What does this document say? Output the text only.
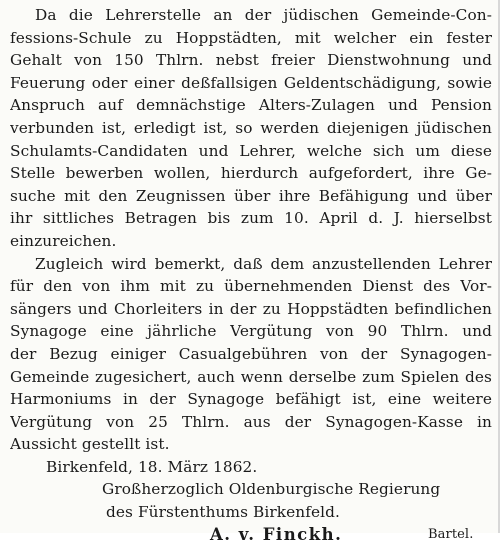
Da die Lehrerstelle an der jüdischen Gemeinde-Con-
fessions-Schule zu Hoppstädten, mit welcher ein fester
Gehalt von 150 Thlrn. nebst freier Dienstwohnung und
Feuerung oder einer deßfallsigen Geldentschädigung, sowie
Anspruch auf demnächstige Alters-Zulagen und Pension
verbunden ist, erledigt ist, so werden diejenigen jüdischen
Schulamts-Candidaten und Lehrer, welche sich um diese
Stelle bewerben wollen, hierdurch aufgefordert, ihre Ge-
suche mit den Zeugnissen über ihre Befähigung und über
ihr sittliches Betragen bis zum 10. April d. J. hierselbst
einzureichen.
Zugleich wird bemerkt, daß dem anzustellenden Lehrer
für den von ihm mit zu übernehmenden Dienst des Vor-
sängers und Chorleiters in der zu Hoppstädten befindlichen
Synagoge eine jährliche Vergütung von 90 Thlrn. und
der Bezug einiger Casualgebühren von der Synagogen-
Gemeinde zugesichert, auch wenn derselbe zum Spielen des
Harmoniums in der Synagoge befähigt ist, eine weitere
Vergütung von 25 Thlrn. aus der Synagogen-Kasse in
Aussicht gestellt ist.
Birkenfeld, 18. März 1862.
Großherzoglich Oldenburgische Regierung
des Fürstenthums Birkenfeld.
A. v. Finckh.	Bartel.
